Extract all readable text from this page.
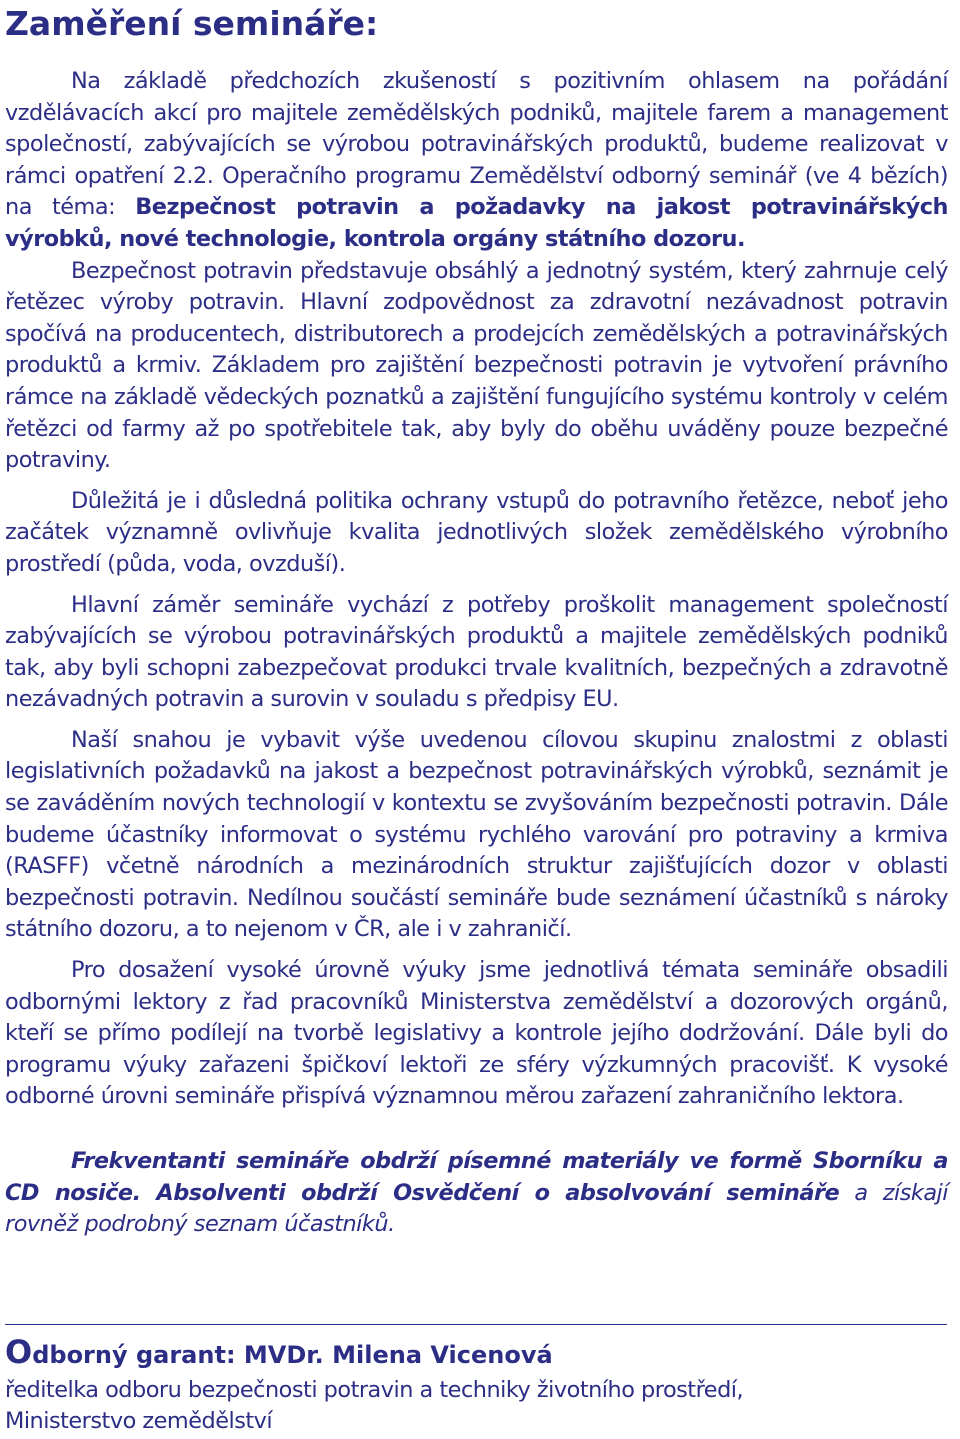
Zaměření semináře:

Na základě předchozích zkušeností s pozitivním ohlasem na pořádání vzdělávacích akcí pro majitele zemědělských podniků, majitele farem a management společností, zabývajících se výrobou potravinářských produktů, budeme realizovat v rámci opatření 2.2. Operačního programu Zemědělství odborný seminář (ve 4 bězích) na téma: Bezpečnost potravin a požadavky na jakost potravinářských výrobků, nové technologie, kontrola orgány státního dozoru.

Bezpečnost potravin představuje obsáhlý a jednotný systém, který zahrnuje celý řetězec výroby potravin. Hlavní zodpovědnost za zdravotní nezávadnost potravin spočívá na producentech, distributorech a prodejcích zemědělských a potravinářských produktů a krmiv. Základem pro zajištění bezpečnosti potravin je vytvoření právního rámce na základě vědeckých poznatků a zajištění fungujícího systému kontroly v celém řetězci od farmy až po spotřebitele tak, aby byly do oběhu uváděny pouze bezpečné potraviny.

Důležitá je i důsledná politika ochrany vstupů do potravního řetězce, neboť jeho začátek významně ovlivňuje kvalita jednotlivých složek zemědělského výrobního prostředí (půda, voda, ovzduší).

Hlavní záměr semináře vychází z potřeby proškolit management společností zabývajících se výrobou potravinářských produktů a majitele zemědělských podniků tak, aby byli schopni zabezpečovat produkci trvale kvalitních, bezpečných a zdravotně nezávadných potravin a surovin v souladu s předpisy EU.

Naší snahou je vybavit výše uvedenou cílovou skupinu znalostmi z oblasti legislativních požadavků na jakost a bezpečnost potravinářských výrobků, seznámit je se zaváděním nových technologií v kontextu se zvyšováním bezpečnosti potravin. Dále budeme účastníky informovat o systému rychlého varování pro potraviny a krmiva (RASFF) včetně národních a mezinárodních struktur zajišťujících dozor v oblasti bezpečnosti potravin. Nedílnou součástí semináře bude seznámení účastníků s nároky státního dozoru, a to nejenom v ČR, ale i v zahraničí.

Pro dosažení vysoké úrovně výuky jsme jednotlivá témata semináře obsadili odbornými lektory z řad pracovníků Ministerstva zemědělství a dozorových orgánů, kteří se přímo podílejí na tvorbě legislativy a kontrole jejího dodržování. Dále byli do programu výuky zařazeni špičkoví lektoři ze sféry výzkumných pracovišť. K vysoké odborné úrovni semináře přispívá významnou měrou zařazení zahraničního lektora.

Frekventanti semináře obdrží písemné materiály ve formě Sborníku a CD nosiče. Absolventi obdrží Osvědčení o absolvování semináře a získají rovněž podrobný seznam účastníků.

Odborný garant: MVDr. Milena Vicenová

ředitelka odboru bezpečnosti potravin a techniky životního prostředí,

Ministerstvo zemědělství
